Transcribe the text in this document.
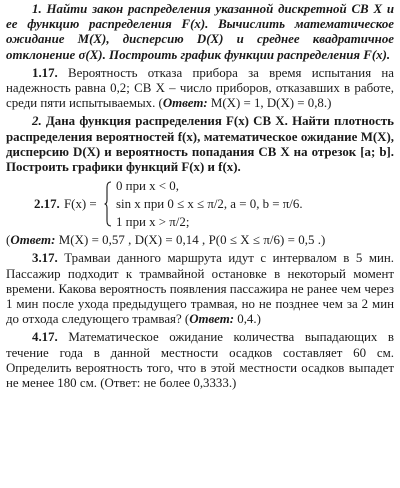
1. Найти закон распределения указанной дискретной СВ X и ее функцию распределения F(x). Вычислить математическое ожидание M(X), дисперсию D(X) и среднее квадратичное отклонение σ(X). Построить график функции распределения F(x).

1.17. Вероятность отказа прибора за время испытания на надежность равна 0,2; СВ X – число приборов, отказавших в работе, среди пяти испытываемых. (Ответ: M(X) = 1, D(X) = 0,8.)

2. Дана функция распределения F(x) СВ X. Найти плотность распределения вероятностей f(x), математическое ожидание M(X), дисперсию D(X) и вероятность попадания СВ X на отрезок [a; b]. Построить графики функций F(x) и f(x).

2.17. F(x) =
0 при x < 0,
sin x при 0 ≤ x ≤ π/2, a = 0, b = π/6.
1 при x > π/2;

(Ответ: M(X) = 0,57 , D(X) = 0,14 , P(0 ≤ X ≤ π/6) = 0,5 .)

3.17. Трамваи данного маршрута идут с интервалом в 5 мин. Пассажир подходит к трамвайной остановке в некоторый момент времени. Какова вероятность появления пассажира не ранее чем через 1 мин после ухода предыдущего трамвая, но не позднее чем за 2 мин до отхода следующего трамвая? (Ответ: 0,4.)

4.17. Математическое ожидание количества выпадающих в течение года в данной местности осадков составляет 60 см. Определить вероятность того, что в этой местности осадков выпадет не менее 180 см. (Ответ: не более 0,3333.)
